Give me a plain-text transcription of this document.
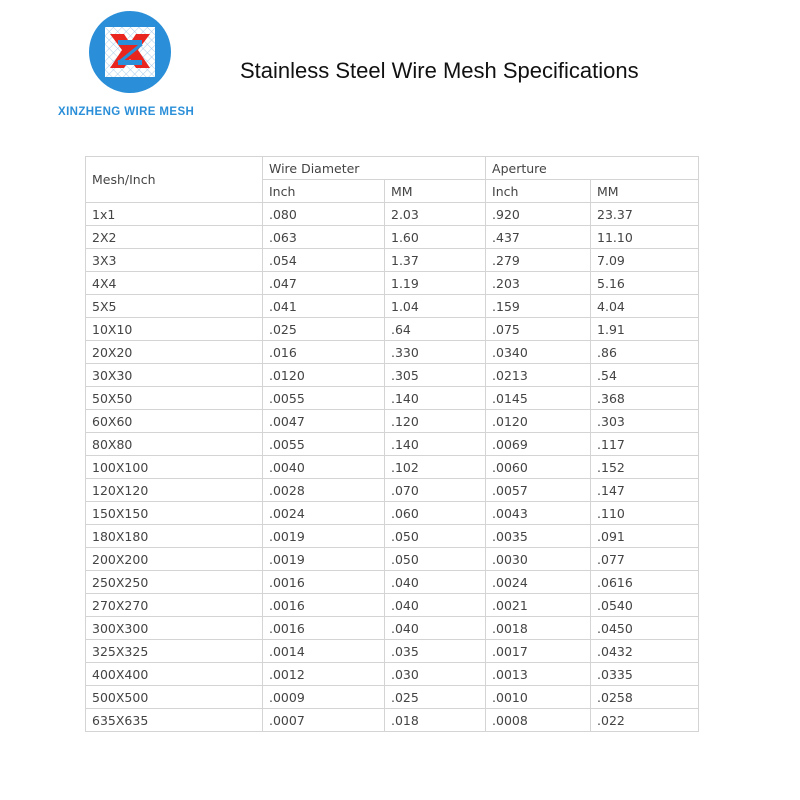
XINZHENG WIRE MESH
Stainless Steel Wire Mesh Specifications
Mesh/Inch	Wire Diameter		Aperture	
	Inch	MM	Inch	MM
1x1	.080	2.03	.920	23.37
2X2	.063	1.60	.437	11.10
3X3	.054	1.37	.279	7.09
4X4	.047	1.19	.203	5.16
5X5	.041	1.04	.159	4.04
10X10	.025	.64	.075	1.91
20X20	.016	.330	.0340	.86
30X30	.0120	.305	.0213	.54
50X50	.0055	.140	.0145	.368
60X60	.0047	.120	.0120	.303
80X80	.0055	.140	.0069	.117
100X100	.0040	.102	.0060	.152
120X120	.0028	.070	.0057	.147
150X150	.0024	.060	.0043	.110
180X180	.0019	.050	.0035	.091
200X200	.0019	.050	.0030	.077
250X250	.0016	.040	.0024	.0616
270X270	.0016	.040	.0021	.0540
300X300	.0016	.040	.0018	.0450
325X325	.0014	.035	.0017	.0432
400X400	.0012	.030	.0013	.0335
500X500	.0009	.025	.0010	.0258
635X635	.0007	.018	.0008	.022
